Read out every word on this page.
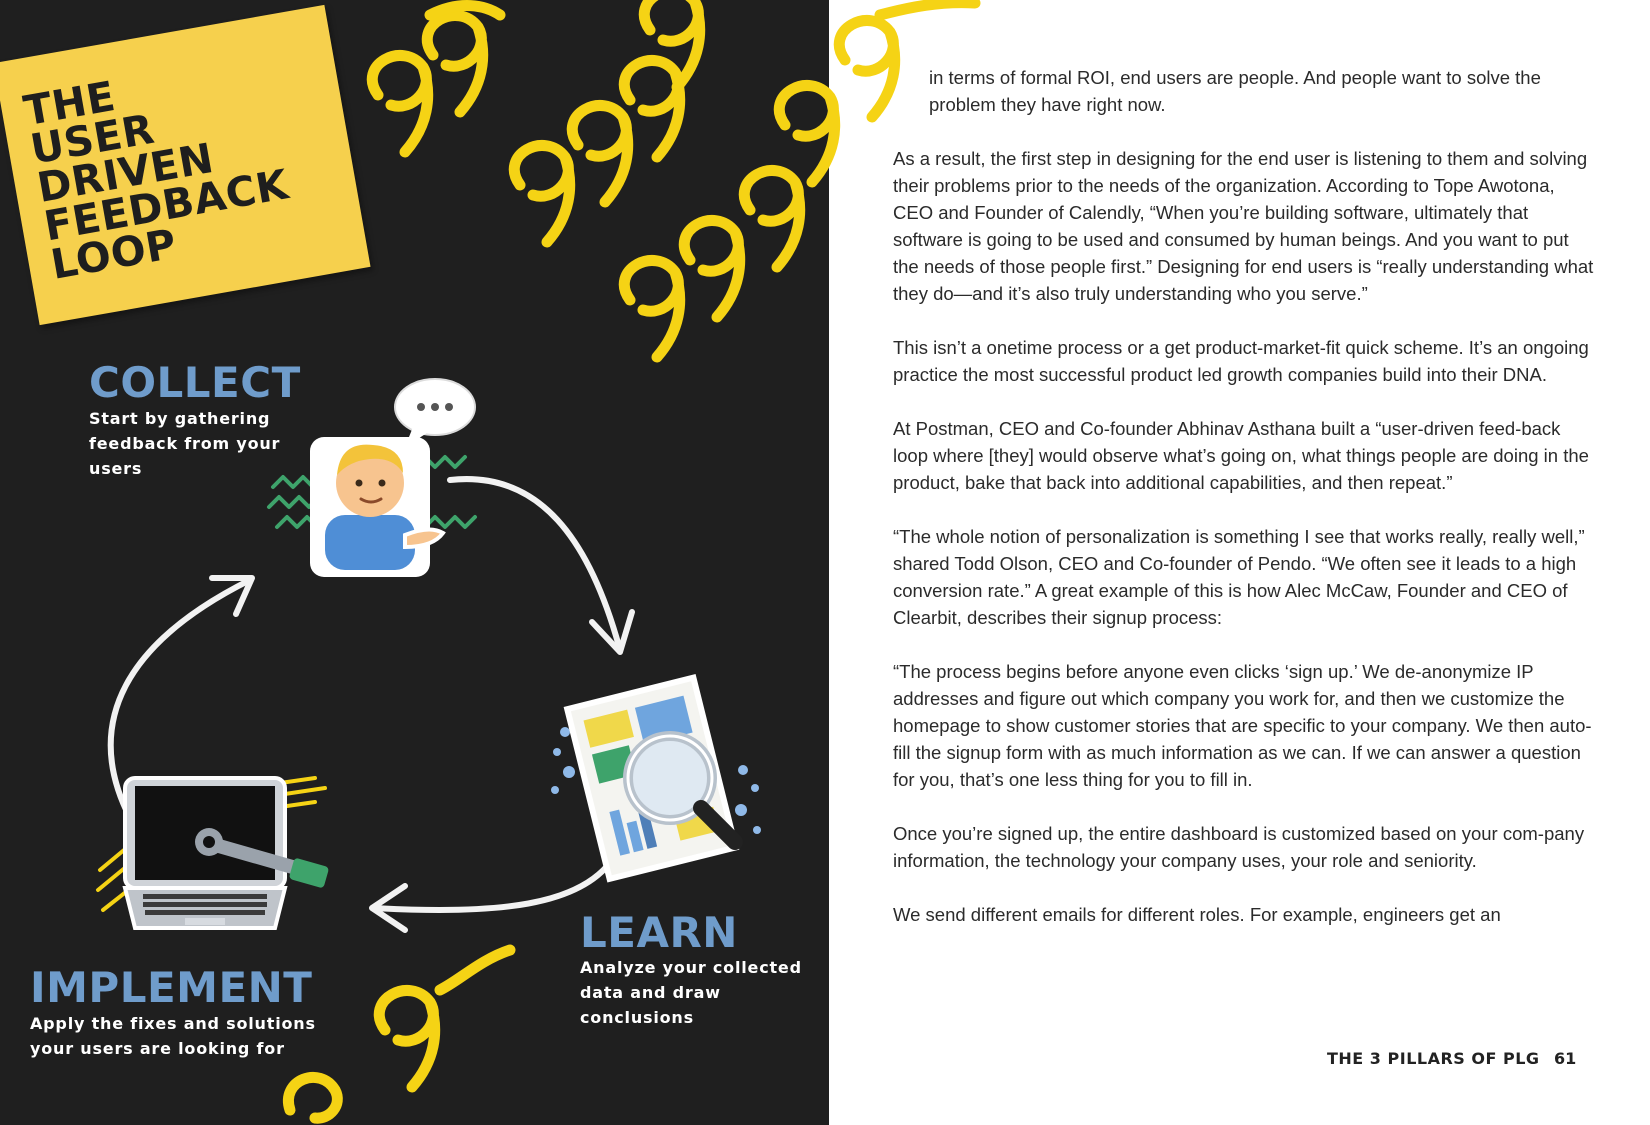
THE
USER
DRIVEN
FEEDBACK
LOOP
COLLECT

Start by gathering feedback from your users

LEARN

Analyze your collected data and draw conclusions

IMPLEMENT

Apply the fixes and solutions your users are looking for

in terms of formal ROI, end users are people. And people want to solve the problem they have right now.

As a result, the first step in designing for the end user is listening to them and solving their problems prior to the needs of the organization. According to Tope Awotona, CEO and Founder of Calendly, “When you’re building software, ultimately that software is going to be used and consumed by human beings. And you want to put the needs of those people first.” Designing for end users is “really understanding what they do—and it’s also truly understanding who you serve.”

This isn’t a onetime process or a get product-market-fit quick scheme. It’s an ongoing practice the most successful product led growth companies build into their DNA.

At Postman, CEO and Co-founder Abhinav Asthana built a “user-driven feed-back loop where [they] would observe what’s going on, what things people are doing in the product, bake that back into additional capabilities, and then repeat.”

“The whole notion of personalization is something I see that works really, really well,” shared Todd Olson, CEO and Co-founder of Pendo. “We often see it leads to a high conversion rate.” A great example of this is how Alec McCaw, Founder and CEO of Clearbit, describes their signup process:

“The process begins before anyone even clicks ‘sign up.’ We de-anonymize IP addresses and figure out which company you work for, and then we customize the homepage to show customer stories that are specific to your company. We then auto-fill the signup form with as much information as we can. If we can answer a question for you, that’s one less thing for you to fill in.

Once you’re signed up, the entire dashboard is customized based on your com-pany information, the technology your company uses, your role and seniority.

We send different emails for different roles. For example, engineers get an

THE 3 PILLARS OF PLG 61
